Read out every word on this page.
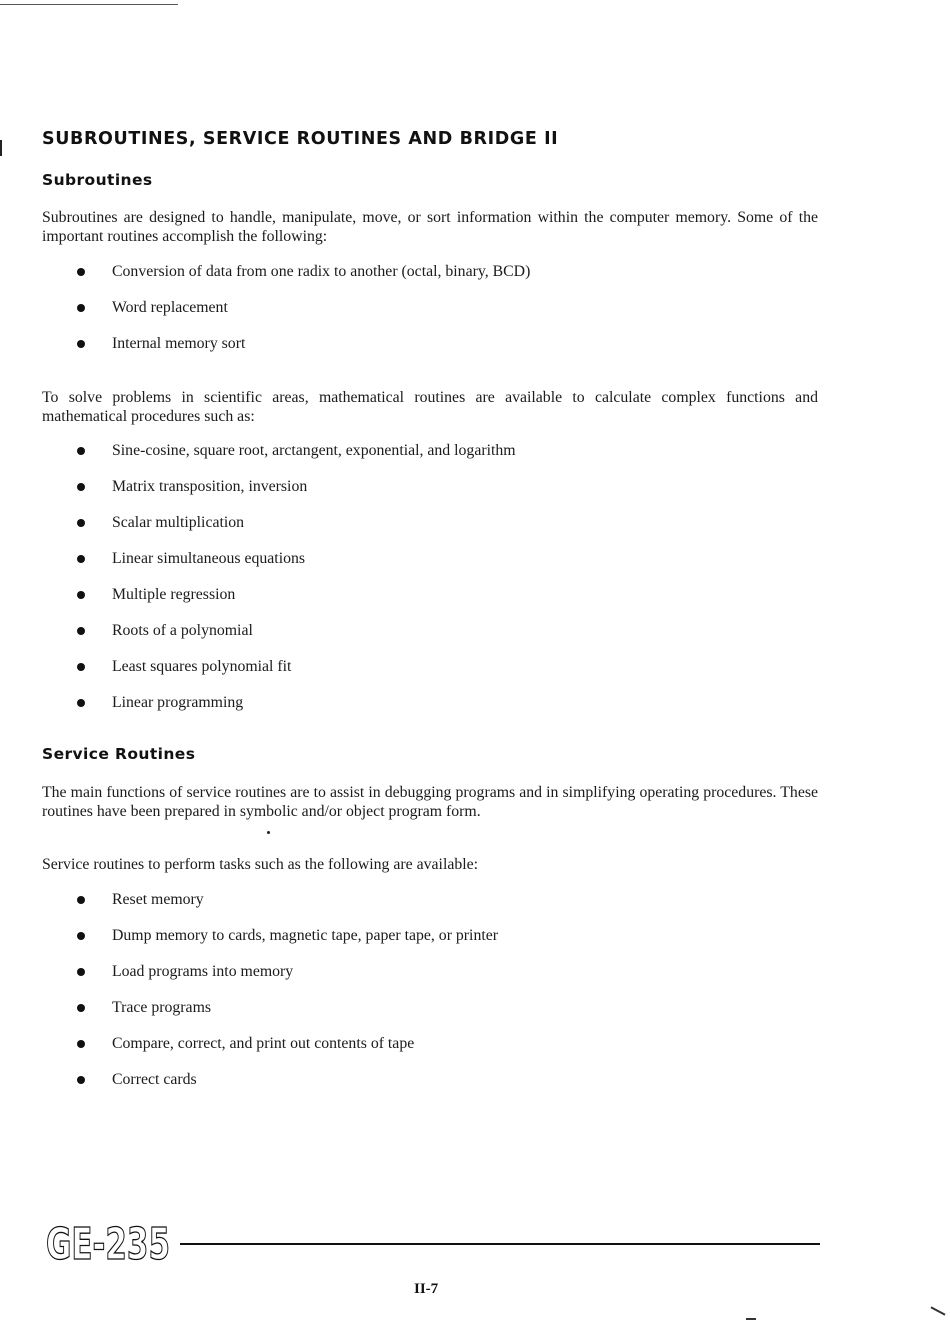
SUBROUTINES, SERVICE ROUTINES AND BRIDGE II
Subroutines
Subroutines are designed to handle, manipulate, move, or sort information within the computer memory. Some of the important routines accomplish the following:
Conversion of data from one radix to another (octal, binary, BCD)
Word replacement
Internal memory sort
To solve problems in scientific areas, mathematical routines are available to calculate complex functions and mathematical procedures such as:
Sine-cosine, square root, arctangent, exponential, and logarithm
Matrix transposition, inversion
Scalar multiplication
Linear simultaneous equations
Multiple regression
Roots of a polynomial
Least squares polynomial fit
Linear programming
Service Routines
The main functions of service routines are to assist in debugging programs and in simplifying operating procedures. These routines have been prepared in symbolic and/or object program form.
Service routines to perform tasks such as the following are available:
Reset memory
Dump memory to cards, magnetic tape, paper tape, or printer
Load programs into memory
Trace programs
Compare, correct, and print out contents of tape
Correct cards
GE-235
II-7
